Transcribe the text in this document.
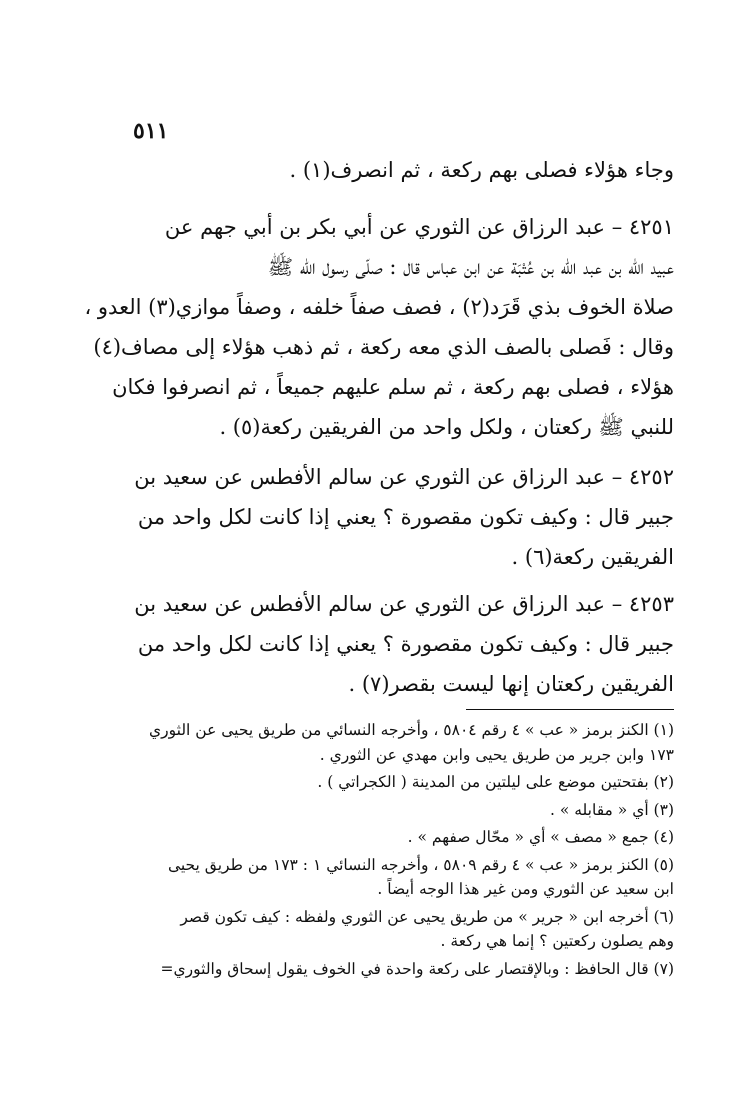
٥١١
وجاء هؤلاء فصلى بهم ركعة ، ثم انصرف(١) .
٤٢٥١ – عبد الرزاق عن الثوري عن أبي بكر بن أبي جهم عن
عبيد الله بن عبد الله بن عُتْبَة عن ابن عباس قال : صلّى رسول الله ﷺ
صلاة الخوف بذي قَرَد(٢) ، فصف صفاً خلفه ، وصفاً موازي(٣) العدو ،
وقال : فَصلى بالصف الذي معه ركعة ، ثم ذهب هؤلاء إلى مصاف(٤)
هؤلاء ، فصلى بهم ركعة ، ثم سلم عليهم جميعاً ، ثم انصرفوا فكان
للنبي ﷺ ركعتان ، ولكل واحد من الفريقين ركعة(٥) .
٤٢٥٢ – عبد الرزاق عن الثوري عن سالم الأفطس عن سعيد بن
جبير قال : وكيف تكون مقصورة ؟ يعني إذا كانت لكل واحد من
الفريقين ركعة(٦) .
٤٢٥٣ – عبد الرزاق عن الثوري عن سالم الأفطس عن سعيد بن
جبير قال : وكيف تكون مقصورة ؟ يعني إذا كانت لكل واحد من
الفريقين ركعتان إنها ليست بقصر(٧) .
(١) الكنز برمز « عب » ٤ رقم ٥٨٠٤ ، وأخرجه النسائي من طريق يحيى عن الثوري
١٧٣ وابن جرير من طريق يحيى وابن مهدي عن الثوري .
(٢) بفتحتين موضع على ليلتين من المدينة ( الكجراتي ) .
(٣) أي « مقابله » .
(٤) جمع « مصف » أي « محّال صفهم » .
(٥) الكنز برمز « عب » ٤ رقم ٥٨٠٩ ، وأخرجه النسائي ١ : ١٧٣ من طريق يحيى
ابن سعيد عن الثوري ومن غير هذا الوجه أيضاً .
(٦) أخرجه ابن « جرير » من طريق يحيى عن الثوري ولفظه : كيف تكون قصر
وهم يصلون ركعتين ؟ إنما هي ركعة .
(٧) قال الحافظ : وبالإقتصار على ركعة واحدة في الخوف يقول إسحاق والثوري=
